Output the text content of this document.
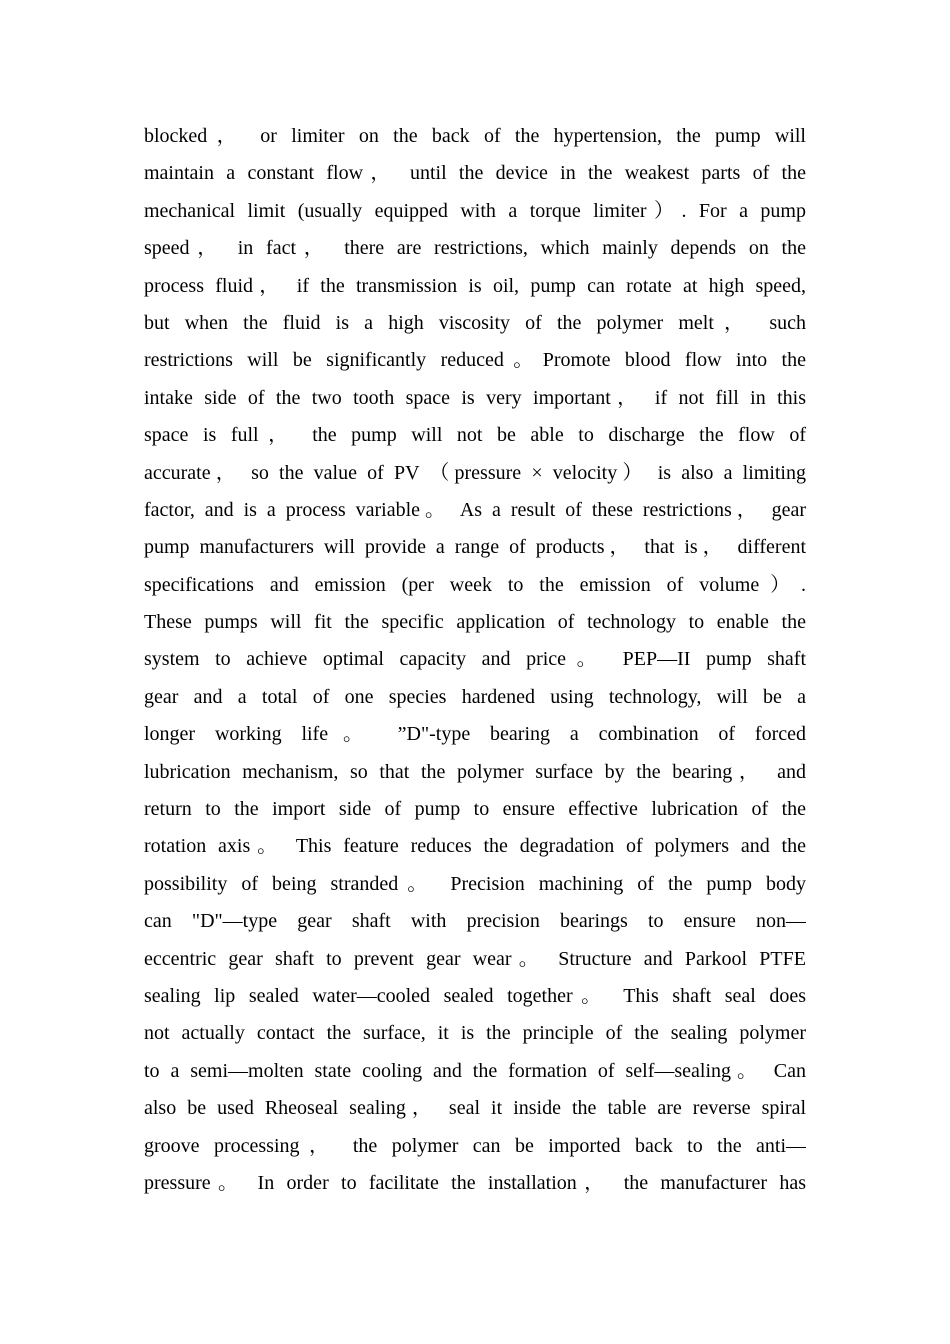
blocked， or limiter on the back of the hypertension, the pump will
maintain a constant flow， until the device in the weakest parts of the
mechanical limit (usually equipped with a torque limiter）. For a pump
speed， in fact， there are restrictions, which mainly depends on the
process fluid， if the transmission is oil, pump can rotate at high speed,
but when the fluid is a high viscosity of the polymer melt， such
restrictions will be significantly reduced。Promote blood flow into the
intake side of the two tooth space is very important， if not fill in this
space is full， the pump will not be able to discharge the flow of
accurate， so the value of PV （pressure × velocity） is also a limiting
factor, and is a process variable。 As a result of these restrictions， gear
pump manufacturers will provide a range of products， that is， different
specifications and emission (per week to the emission of volume）.
These pumps will fit the specific application of technology to enable the
system to achieve optimal capacity and price。 PEP—II pump shaft
gear and a total of one species hardened using technology, will be a
longer working life。 ”D"-type bearing a combination of forced
lubrication mechanism, so that the polymer surface by the bearing， and
return to the import side of pump to ensure effective lubrication of the
rotation axis。 This feature reduces the degradation of polymers and the
possibility of being stranded。 Precision machining of the pump body
can "D"—type gear shaft with precision bearings to ensure non—
eccentric gear shaft to prevent gear wear。 Structure and Parkool PTFE
sealing lip sealed water—cooled sealed together。 This shaft seal does
not actually contact the surface, it is the principle of the sealing polymer
to a semi—molten state cooling and the formation of self—sealing。 Can
also be used Rheoseal sealing， seal it inside the table are reverse spiral
groove processing， the polymer can be imported back to the anti—
pressure。 In order to facilitate the installation， the manufacturer has
